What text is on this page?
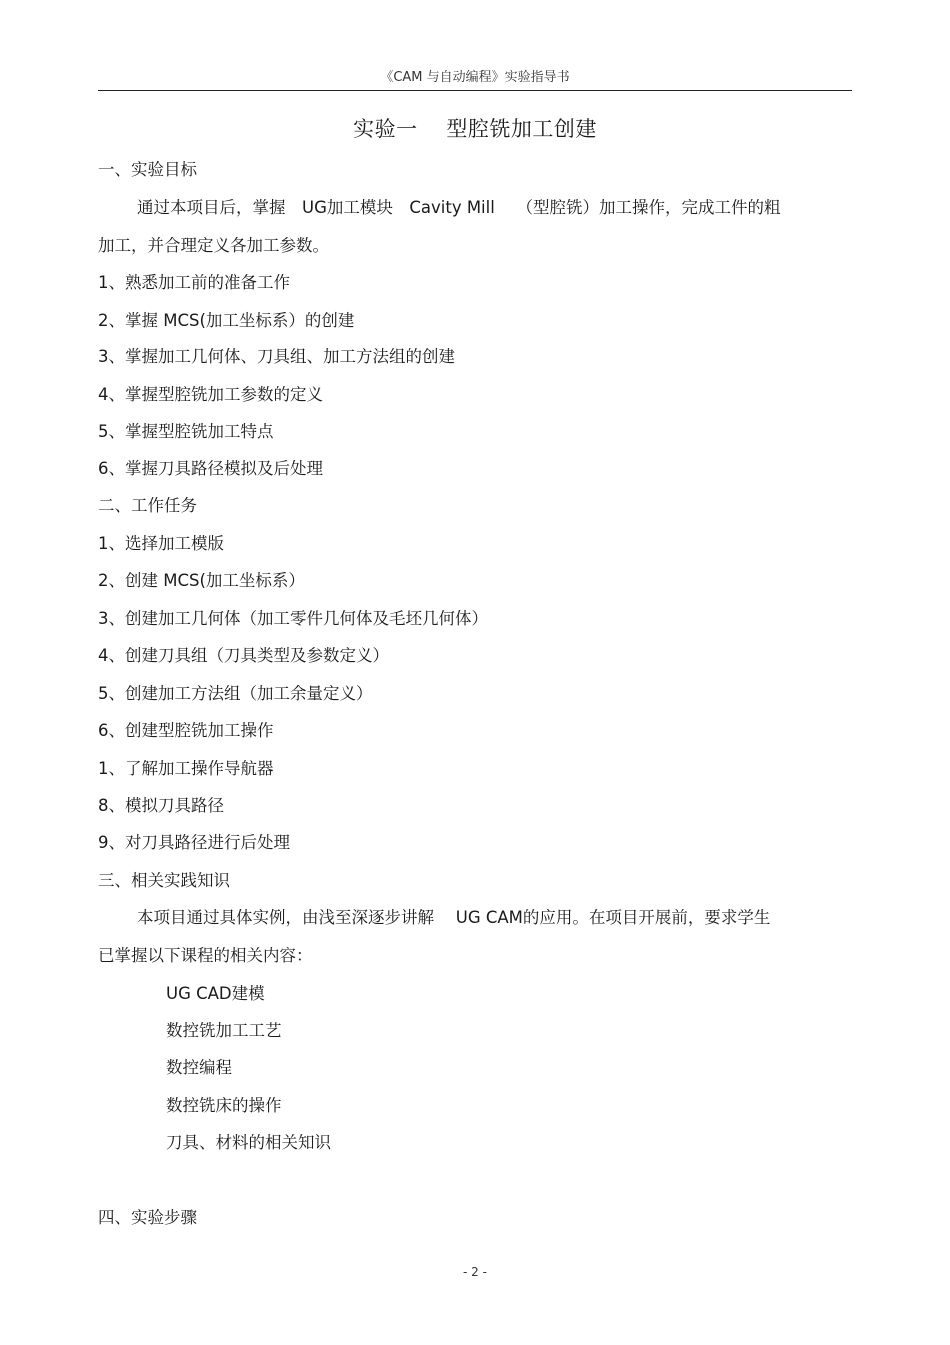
《CAM 与自动编程》实验指导书
实验一　 型腔铣加工创建
一、实验目标
通过本项目后，掌握　UG加工模块　Cavity Mill　 （型腔铣）加工操作，完成工件的粗
加工，并合理定义各加工参数。
1、熟悉加工前的准备工作
2、掌握 MCS(加工坐标系）的创建
3、掌握加工几何体、刀具组、加工方法组的创建
4、掌握型腔铣加工参数的定义
5、掌握型腔铣加工特点
6、掌握刀具路径模拟及后处理
二、工作任务
1、选择加工模版
2、创建 MCS(加工坐标系）
3、创建加工几何体（加工零件几何体及毛坯几何体）
4、创建刀具组（刀具类型及参数定义）
5、创建加工方法组（加工余量定义）
6、创建型腔铣加工操作
1、了解加工操作导航器
8、模拟刀具路径
9、对刀具路径进行后处理
三、相关实践知识
本项目通过具体实例，由浅至深逐步讲解　 UG CAM的应用。在项目开展前，要求学生
已掌握以下课程的相关内容：
UG CAD建模
数控铣加工工艺
数控编程
数控铣床的操作
刀具、材料的相关知识
四、实验步骤
- 2 -
